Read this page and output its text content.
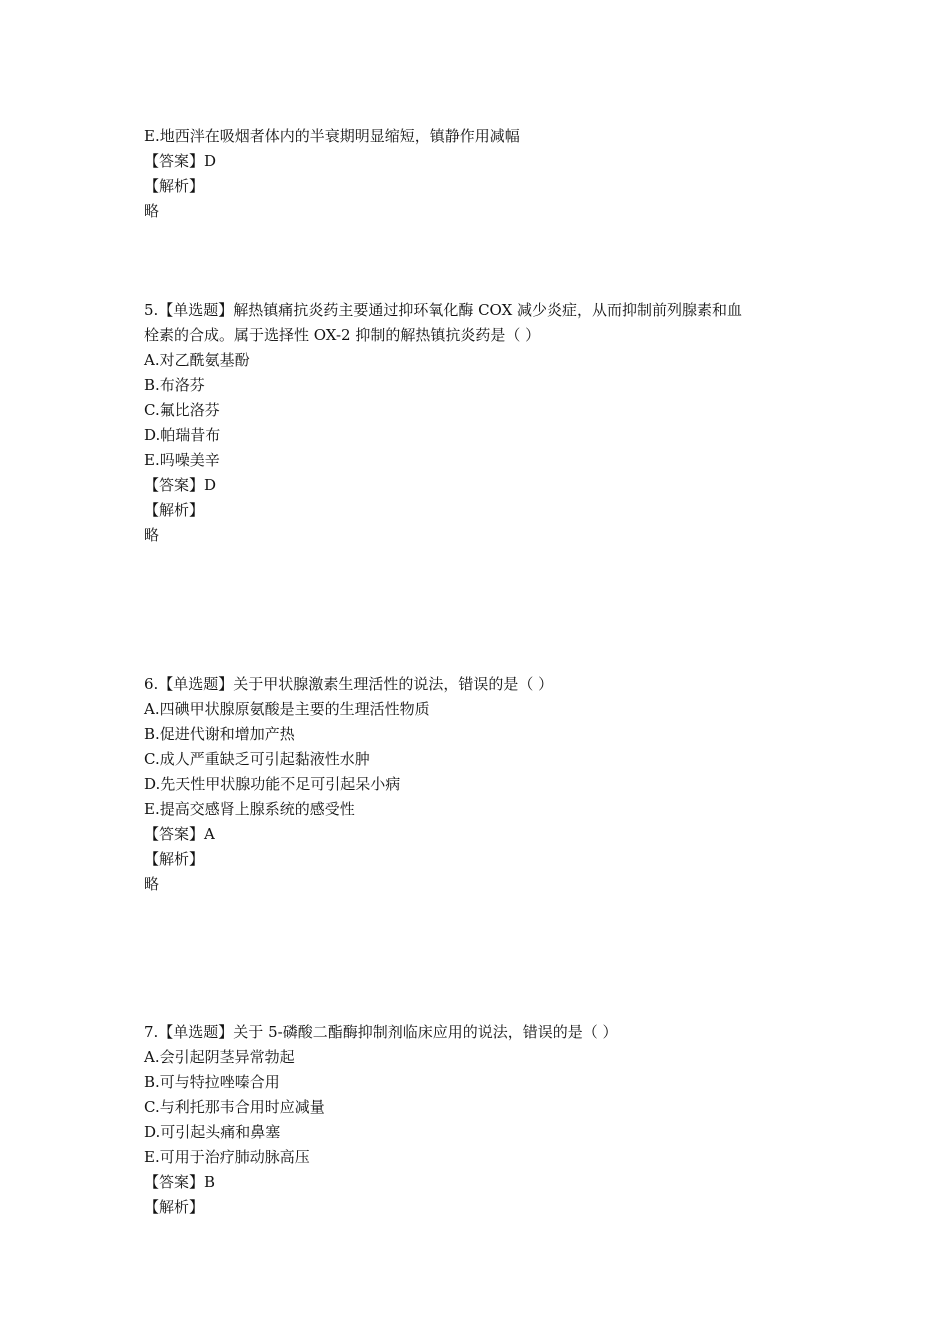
E.地西泮在吸烟者体内的半衰期明显缩短，镇静作用减幅
【答案】D
【解析】
略
5.【单选题】解热镇痛抗炎药主要通过抑环氧化酶 COX 减少炎症，从而抑制前列腺素和血
栓素的合成。属于选择性 OX-2 抑制的解热镇抗炎药是（ ）
A.对乙酰氨基酚
B.布洛芬
C.氟比洛芬
D.帕瑞昔布
E.吗噪美辛
【答案】D
【解析】
略
6.【单选题】关于甲状腺激素生理活性的说法，错误的是（ ）
A.四碘甲状腺原氨酸是主要的生理活性物质
B.促进代谢和增加产热
C.成人严重缺乏可引起黏液性水肿
D.先天性甲状腺功能不足可引起呆小病
E.提高交感肾上腺系统的感受性
【答案】A
【解析】
略
7.【单选题】关于 5-磷酸二酯酶抑制剂临床应用的说法，错误的是（ ）
A.会引起阴茎异常勃起
B.可与特拉唑嗪合用
C.与利托那韦合用时应减量
D.可引起头痛和鼻塞
E.可用于治疗肺动脉高压
【答案】B
【解析】
